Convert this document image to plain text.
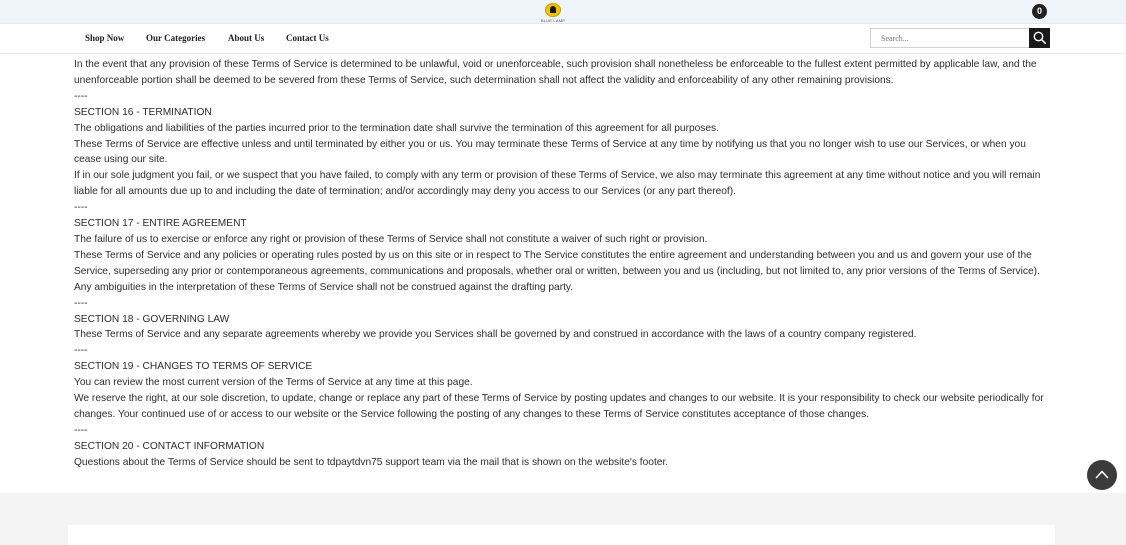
BLUE LAMP
0
Shop Now Our Categories	About Us Contact Us
Search...

In the event that any provision of these Terms of Service is determined to be unlawful, void or unenforceable, such provision shall nonetheless be enforceable to the fullest extent permitted by applicable law, and the unenforceable portion shall be deemed to be severed from these Terms of Service, such determination shall not affect the validity and enforceability of any other remaining provisions.

----

SECTION 16 - TERMINATION

The obligations and liabilities of the parties incurred prior to the termination date shall survive the termination of this agreement for all purposes.

These Terms of Service are effective unless and until terminated by either you or us. You may terminate these Terms of Service at any time by notifying us that you no longer wish to use our Services, or when you cease using our site.

If in our sole judgment you fail, or we suspect that you have failed, to comply with any term or provision of these Terms of Service, we also may terminate this agreement at any time without notice and you will remain liable for all amounts due up to and including the date of termination; and/or accordingly may deny you access to our Services (or any part thereof).

----

SECTION 17 - ENTIRE AGREEMENT

The failure of us to exercise or enforce any right or provision of these Terms of Service shall not constitute a waiver of such right or provision.

These Terms of Service and any policies or operating rules posted by us on this site or in respect to The Service constitutes the entire agreement and understanding between you and us and govern your use of the Service, superseding any prior or contemporaneous agreements, communications and proposals, whether oral or written, between you and us (including, but not limited to, any prior versions of the Terms of Service).

Any ambiguities in the interpretation of these Terms of Service shall not be construed against the drafting party.

----

SECTION 18 - GOVERNING LAW

These Terms of Service and any separate agreements whereby we provide you Services shall be governed by and construed in accordance with the laws of a country company registered.

----

SECTION 19 - CHANGES TO TERMS OF SERVICE

You can review the most current version of the Terms of Service at any time at this page.

We reserve the right, at our sole discretion, to update, change or replace any part of these Terms of Service by posting updates and changes to our website. It is your responsibility to check our website periodically for changes. Your continued use of or access to our website or the Service following the posting of any changes to these Terms of Service constitutes acceptance of those changes.

----

SECTION 20 - CONTACT INFORMATION

Questions about the Terms of Service should be sent to tdpaytdvn75 support team via the mail that is shown on the website's footer.
